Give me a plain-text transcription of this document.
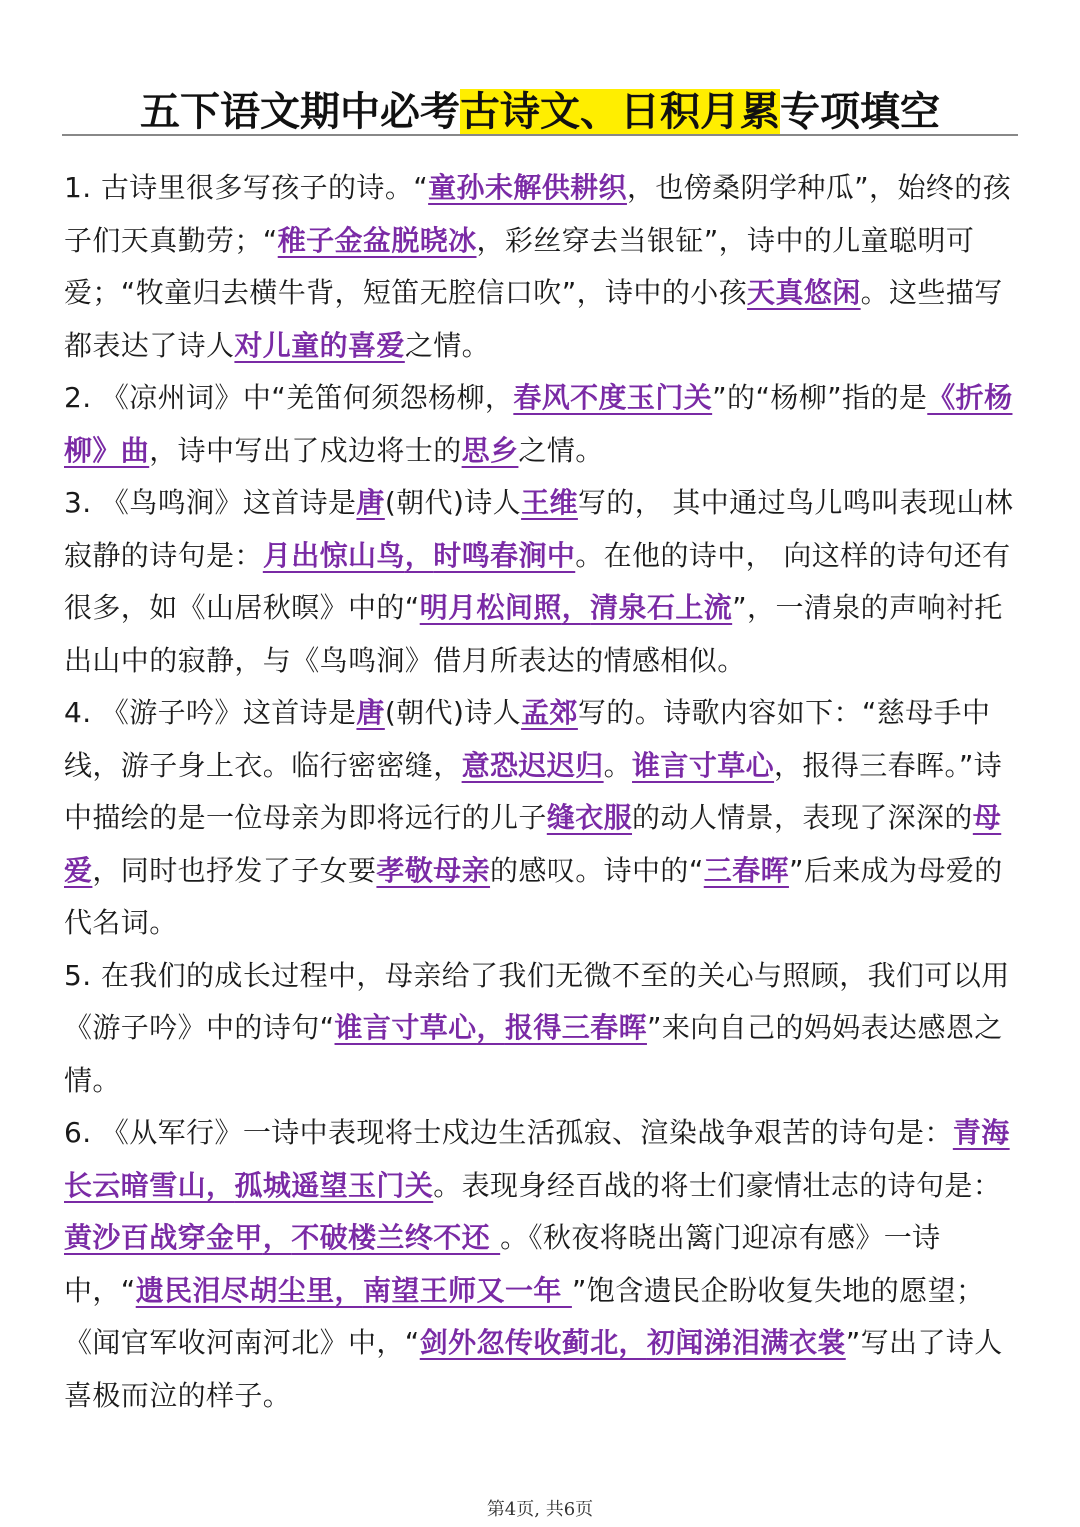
五下语文期中必考古诗文、日积月累专项填空

1. 古诗里很多写孩子的诗。“童孙未解供耕织，也傍桑阴学种瓜”，始终的孩子们天真勤劳；“稚子金盆脱晓冰，彩丝穿去当银钲”，诗中的儿童聪明可爱；“牧童归去横牛背，短笛无腔信口吹”，诗中的小孩天真悠闲。这些描写都表达了诗人对儿童的喜爱之情。

2. 《凉州词》中“羌笛何须怨杨柳，春风不度玉门关”的“杨柳”指的是《折杨柳》曲，诗中写出了戍边将士的思乡之情。

3. 《鸟鸣涧》这首诗是唐(朝代)诗人王维写的， 其中通过鸟儿鸣叫表现山林寂静的诗句是：月出惊山鸟，时鸣春涧中。在他的诗中， 向这样的诗句还有很多，如《山居秋暝》中的“明月松间照，清泉石上流”，一清泉的声响衬托出山中的寂静，与《鸟鸣涧》借月所表达的情感相似。

4. 《游子吟》这首诗是唐(朝代)诗人孟郊写的。诗歌内容如下：“慈母手中线，游子身上衣。临行密密缝，意恐迟迟归。谁言寸草心，报得三春晖。”诗中描绘的是一位母亲为即将远行的儿子缝衣服的动人情景，表现了深深的母爱，同时也抒发了子女要孝敬母亲的感叹。诗中的“三春晖”后来成为母爱的代名词。

5. 在我们的成长过程中，母亲给了我们无微不至的关心与照顾，我们可以用《游子吟》中的诗句“谁言寸草心，报得三春晖”来向自己的妈妈表达感恩之情。

6. 《从军行》一诗中表现将士戍边生活孤寂、渲染战争艰苦的诗句是：青海长云暗雪山，孤城遥望玉门关。表现身经百战的将士们豪情壮志的诗句是：黄沙百战穿金甲，不破楼兰终不还 。《秋夜将晓出篱门迎凉有感》一诗中，“遗民泪尽胡尘里，南望王师又一年 ”饱含遗民企盼收复失地的愿望；《闻官军收河南河北》中，“剑外忽传收蓟北，初闻涕泪满衣裳”写出了诗人喜极而泣的样子。

第4页, 共6页
